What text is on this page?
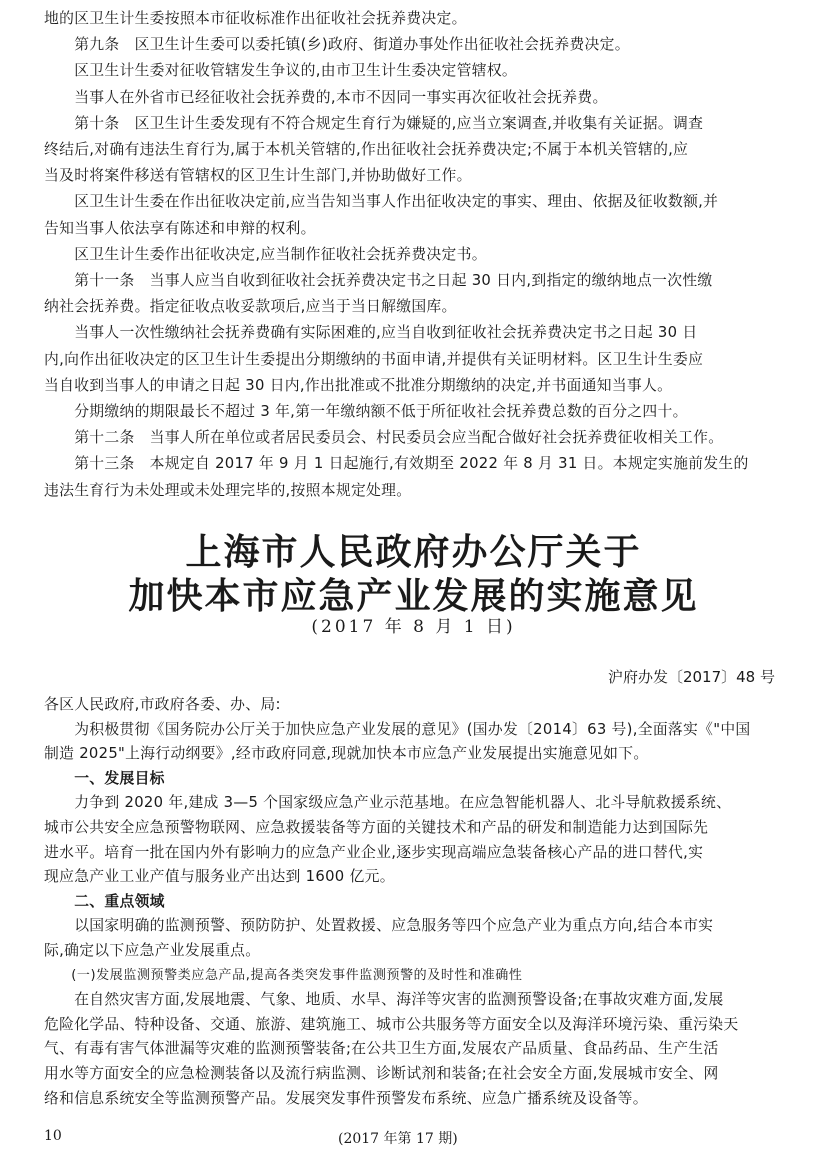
地的区卫生计生委按照本市征收标准作出征收社会抚养费决定。
　　第九条　区卫生计生委可以委托镇(乡)政府、街道办事处作出征收社会抚养费决定。
　　区卫生计生委对征收管辖发生争议的,由市卫生计生委决定管辖权。
　　当事人在外省市已经征收社会抚养费的,本市不因同一事实再次征收社会抚养费。
　　第十条　区卫生计生委发现有不符合规定生育行为嫌疑的,应当立案调查,并收集有关证据。调查
终结后,对确有违法生育行为,属于本机关管辖的,作出征收社会抚养费决定;不属于本机关管辖的,应
当及时将案件移送有管辖权的区卫生计生部门,并协助做好工作。
　　区卫生计生委在作出征收决定前,应当告知当事人作出征收决定的事实、理由、依据及征收数额,并
告知当事人依法享有陈述和申辩的权利。
　　区卫生计生委作出征收决定,应当制作征收社会抚养费决定书。
　　第十一条　当事人应当自收到征收社会抚养费决定书之日起 30 日内,到指定的缴纳地点一次性缴
纳社会抚养费。指定征收点收妥款项后,应当于当日解缴国库。
　　当事人一次性缴纳社会抚养费确有实际困难的,应当自收到征收社会抚养费决定书之日起 30 日
内,向作出征收决定的区卫生计生委提出分期缴纳的书面申请,并提供有关证明材料。区卫生计生委应
当自收到当事人的申请之日起 30 日内,作出批准或不批准分期缴纳的决定,并书面通知当事人。
　　分期缴纳的期限最长不超过 3 年,第一年缴纳额不低于所征收社会抚养费总数的百分之四十。
　　第十二条　当事人所在单位或者居民委员会、村民委员会应当配合做好社会抚养费征收相关工作。
　　第十三条　本规定自 2017 年 9 月 1 日起施行,有效期至 2022 年 8 月 31 日。本规定实施前发生的
违法生育行为未处理或未处理完毕的,按照本规定处理。
上海市人民政府办公厅关于
加快本市应急产业发展的实施意见
(2017 年 8 月 1 日)
沪府办发〔2017〕48 号
各区人民政府,市政府各委、办、局:
　　为积极贯彻《国务院办公厅关于加快应急产业发展的意见》(国办发〔2014〕63 号),全面落实《"中国
制造 2025"上海行动纲要》,经市政府同意,现就加快本市应急产业发展提出实施意见如下。
　　一、发展目标
　　力争到 2020 年,建成 3—5 个国家级应急产业示范基地。在应急智能机器人、北斗导航救援系统、
城市公共安全应急预警物联网、应急救援装备等方面的关键技术和产品的研发和制造能力达到国际先
进水平。培育一批在国内外有影响力的应急产业企业,逐步实现高端应急装备核心产品的进口替代,实
现应急产业工业产值与服务业产出达到 1600 亿元。
　　二、重点领域
　　以国家明确的监测预警、预防防护、处置救援、应急服务等四个应急产业为重点方向,结合本市实
际,确定以下应急产业发展重点。
　　(一)发展监测预警类应急产品,提高各类突发事件监测预警的及时性和准确性
　　在自然灾害方面,发展地震、气象、地质、水旱、海洋等灾害的监测预警设备;在事故灾难方面,发展
危险化学品、特种设备、交通、旅游、建筑施工、城市公共服务等方面安全以及海洋环境污染、重污染天
气、有毒有害气体泄漏等灾难的监测预警装备;在公共卫生方面,发展农产品质量、食品药品、生产生活
用水等方面安全的应急检测装备以及流行病监测、诊断试剂和装备;在社会安全方面,发展城市安全、网
络和信息系统安全等监测预警产品。发展突发事件预警发布系统、应急广播系统及设备等。
10	(2017 年第 17 期)
